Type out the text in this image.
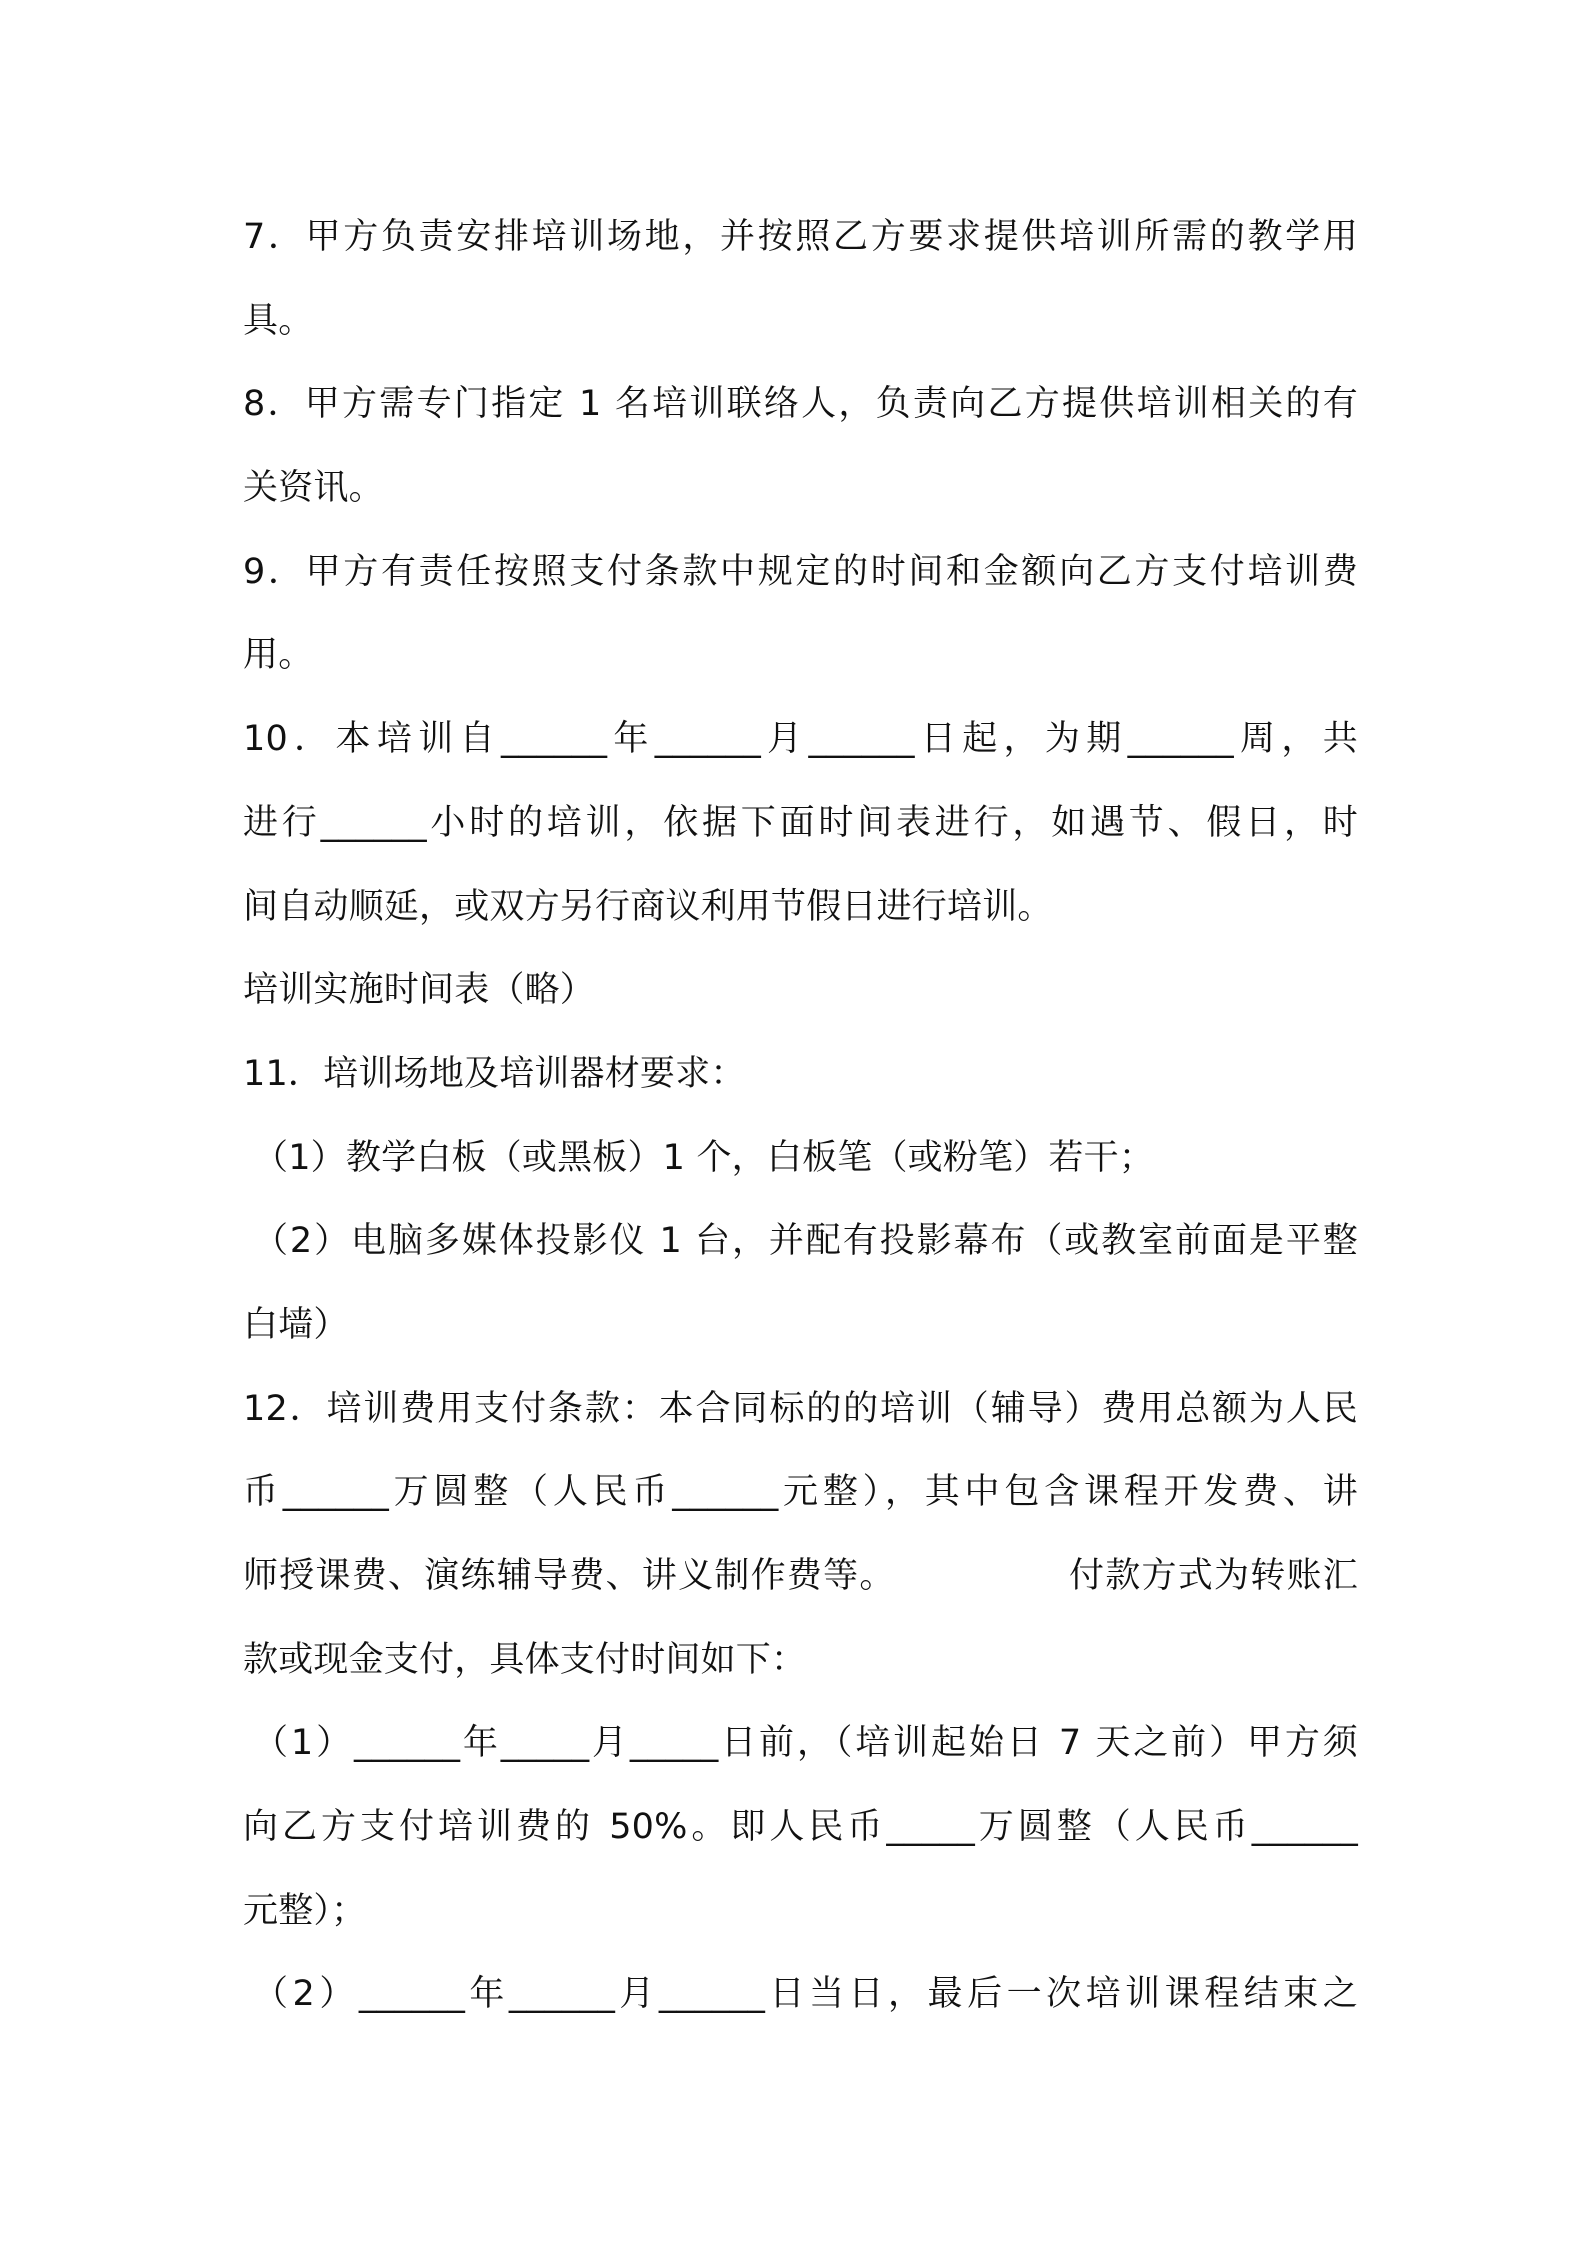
7．甲方负责安排培训场地，并按照乙方要求提供培训所需的教学用
具。
8．甲方需专门指定 1 名培训联络人，负责向乙方提供培训相关的有
关资讯。
9．甲方有责任按照支付条款中规定的时间和金额向乙方支付培训费
用。
10．本培训自______年______月______日起，为期______周，共
进行______小时的培训，依据下面时间表进行，如遇节、假日，时
间自动顺延，或双方另行商议利用节假日进行培训。
培训实施时间表（略）
11．培训场地及培训器材要求：
（1）教学白板（或黑板）1 个，白板笔（或粉笔）若干；
（2）电脑多媒体投影仪 1 台，并配有投影幕布（或教室前面是平整
白墙）
12．培训费用支付条款：本合同标的的培训（辅导）费用总额为人民
币______万圆整（人民币______元整），其中包含课程开发费、讲
师授课费、演练辅导费、讲义制作费等。              付款方式为转账汇
款或现金支付，具体支付时间如下：
（1）______年_____月_____日前，（培训起始日 7 天之前）甲方须
向乙方支付培训费的 50%。即人民币_____万圆整（人民币______
元整）；
（2）______年______月______日当日，最后一次培训课程结束之
